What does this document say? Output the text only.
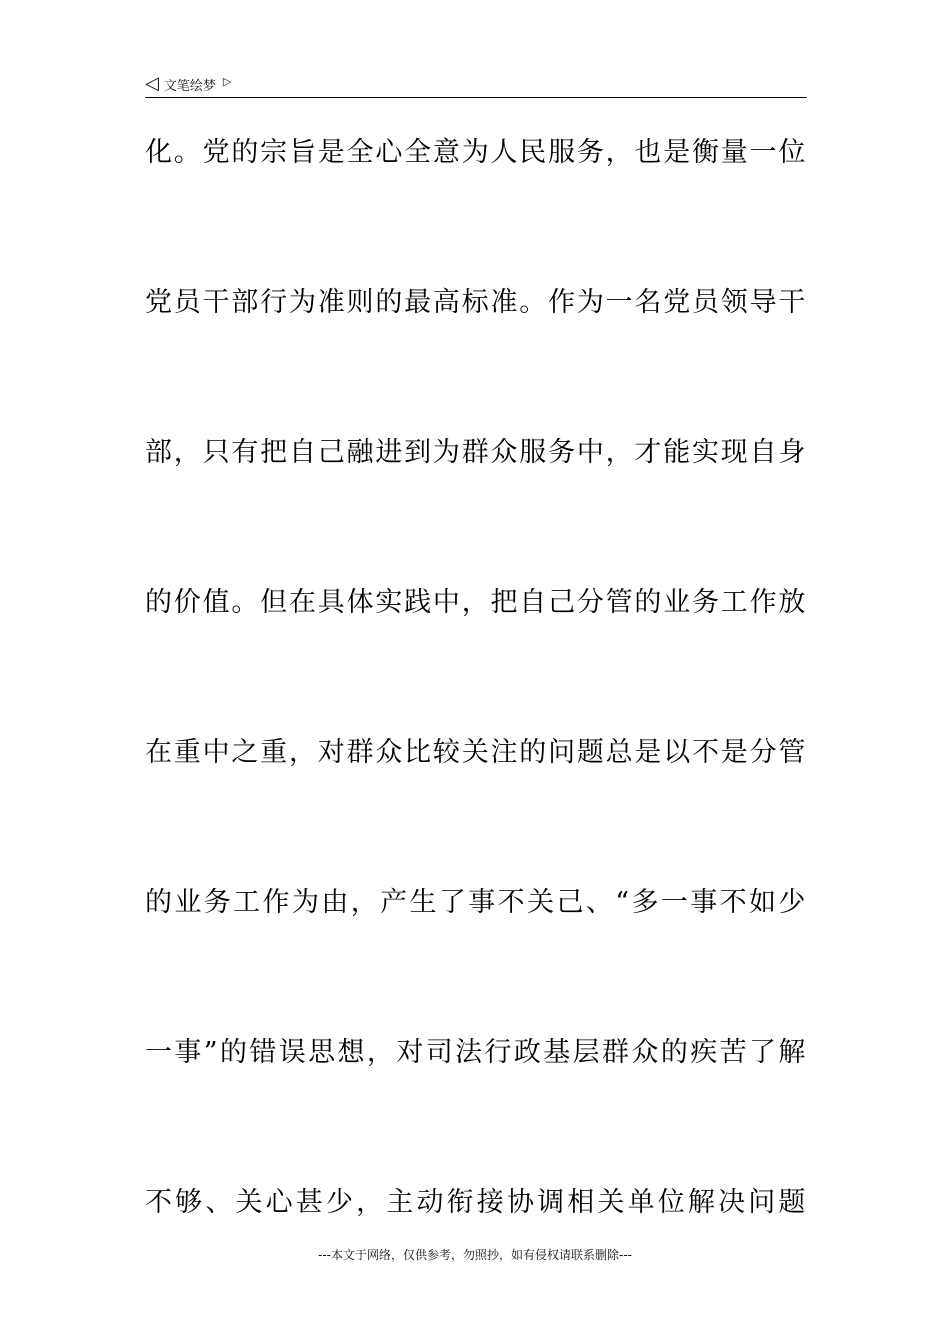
◁ 文笔绘梦 ▷
化。党的宗旨是全心全意为人民服务，也是衡量一位
党员干部行为准则的最高标准。作为一名党员领导干
部，只有把自己融进到为群众服务中，才能实现自身
的价值。但在具体实践中，把自己分管的业务工作放
在重中之重，对群众比较关注的问题总是以不是分管
的业务工作为由，产生了事不关己、“多一事不如少
一事”的错误思想，对司法行政基层群众的疾苦了解
不够、关心甚少，主动衔接协调相关单位解决问题
---本文于网络，仅供参考，勿照抄，如有侵权请联系删除---
